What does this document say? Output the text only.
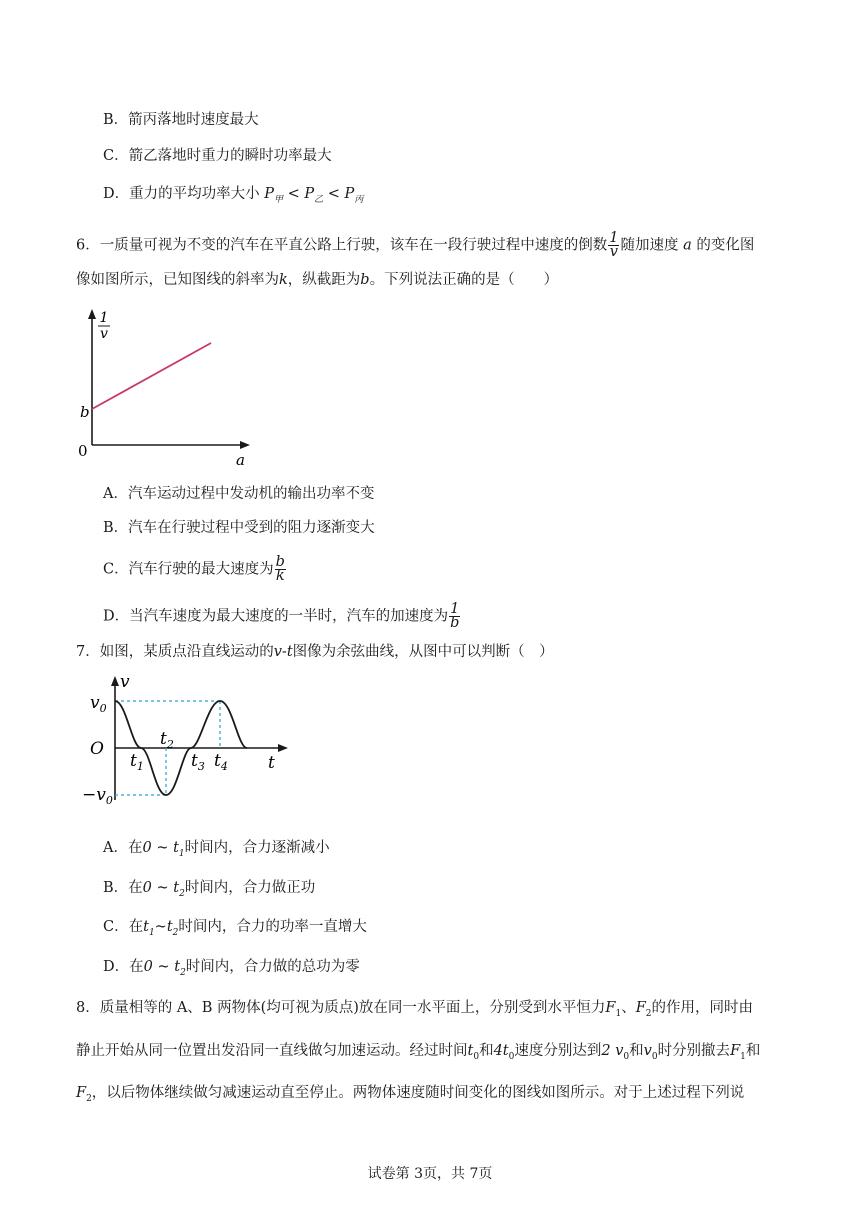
B．箭丙落地时速度最大
C．箭乙落地时重力的瞬时功率最大
D．重力的平均功率大小 $P_甲 < P_乙 < P_丙$
6．一质量可视为不变的汽车在平直公路上行驶，该车在一段行驶过程中速度的倒数 $\frac{1}{v}$ 随加速度 a 的变化图
像如图所示，已知图线的斜率为k，纵截距为b。下列说法正确的是（　　）
1
v
b
0	a
A．汽车运动过程中发动机的输出功率不变
B．汽车在行驶过程中受到的阻力逐渐变大
C．汽车行驶的最大速度为 $\frac{b}{k}$
D．当汽车速度为最大速度的一半时，汽车的加速度为 $\frac{1}{b}$
7．如图，某质点沿直线运动的v-t图像为余弦曲线，从图中可以判断（　）
v
t
O
$v_0$
$-v_0$
$t_1$
$t_2$
$t_3$ $t_4$
A．在0 ~ $t_1$时间内，合力逐渐减小
B．在0 ~ $t_2$时间内，合力做正功
C．在$t_1\sim t_2$时间内，合力的功率一直增大
D．在0 ~ $t_2$时间内，合力做的总功为零
8．质量相等的 A、B 两物体(均可视为质点)放在同一水平面上，分别受到水平恒力$F_1$、$F_2$的作用，同时由
静止开始从同一位置出发沿同一直线做匀加速运动。经过时间$t_0$和$4t_0$速度分别达到2 $v_0$和$v_0$时分别撤去$F_1$和
$F_2$，以后物体继续做匀减速运动直至停止。两物体速度随时间变化的图线如图所示。对于上述过程下列说
试卷第 3页，共 7页
